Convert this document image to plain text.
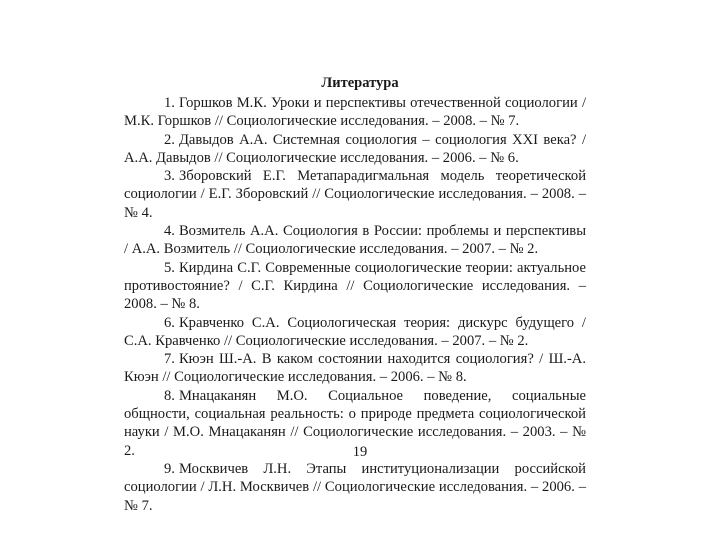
Литература

1. Горшков М.К. Уроки и перспективы отечественной социологии / М.К. Горшков // Социологические исследования. – 2008. – № 7.

2. Давыдов А.А. Системная социология – социология XXI века? / А.А. Давыдов // Социологические исследования. – 2006. – № 6.

3. Зборовский Е.Г. Метапарадигмальная модель теоретической социологии / Е.Г. Зборовский // Социологические исследования. – 2008. – № 4.

4. Возмитель А.А. Социология в России: проблемы и перспективы / А.А. Возмитель // Социологические исследования. – 2007. – № 2.

5. Кирдина С.Г. Современные социологические теории: актуальное противостояние? / С.Г. Кирдина // Социологические исследования. – 2008. – № 8.

6. Кравченко С.А. Социологическая теория: дискурс будущего / С.А. Кравченко // Социологические исследования. – 2007. – № 2.

7. Кюэн Ш.-А. В каком состоянии находится социология? / Ш.-А. Кюэн // Социологические исследования. – 2006. – № 8.

8. Мнацаканян М.О. Социальное поведение, социальные общности, социальная реальность: о природе предмета социологической науки / М.О. Мнацаканян // Социологические исследования. – 2003. – № 2.

9. Москвичев Л.Н. Этапы институционализации российской социологии / Л.Н. Москвичев // Социологические исследования. – 2006. – № 7.

19
